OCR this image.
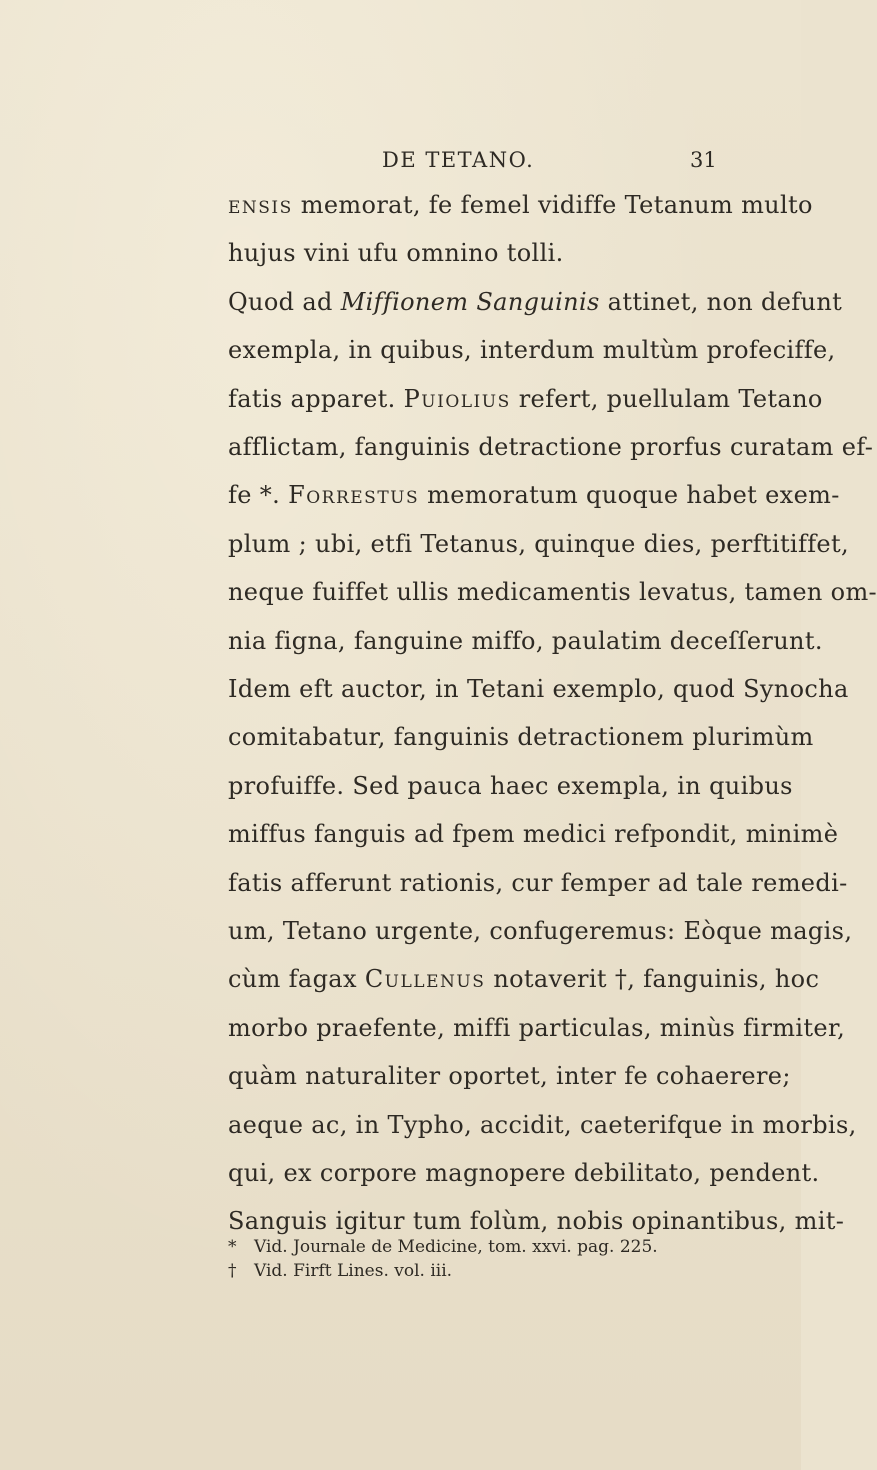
DE TETANO.	31
ensis memorat, fe femel vidiffe Tetanum multo
hujus vini ufu omnino tolli.
Quod ad Miffionem Sanguinis attinet, non defunt
exempla, in quibus, interdum multùm profeciffe,
fatis apparet. Puiolius refert, puellulam Tetano
afflictam, fanguinis detractione prorfus curatam ef-
fe *. Forrestus memoratum quoque habet exem-
plum ; ubi, etfi Tetanus, quinque dies, perftitiffet,
neque fuiffet ullis medicamentis levatus, tamen om-
nia figna, fanguine miffo, paulatim deceſſerunt.
Idem eft auctor, in Tetani exemplo, quod Synocha
comitabatur, fanguinis detractionem plurimùm
profuiffe. Sed pauca haec exempla, in quibus
miffus fanguis ad fpem medici refpondit, minimè
fatis afferunt rationis, cur femper ad tale remedi-
um, Tetano urgente, confugeremus: Eòque magis,
cùm fagax Cullenus notaverit †, fanguinis, hoc
morbo praefente, miffi particulas, minùs firmiter,
quàm naturaliter oportet, inter fe cohaerere;
aeque ac, in Typho, accidit, caeterifque in morbis,
qui, ex corpore magnopere debilitato, pendent.
Sanguis igitur tum folùm, nobis opinantibus, mit-
* Vid. Journale de Medicine, tom. xxvi. pag. 225.
† Vid. Firft Lines. vol. iii.
